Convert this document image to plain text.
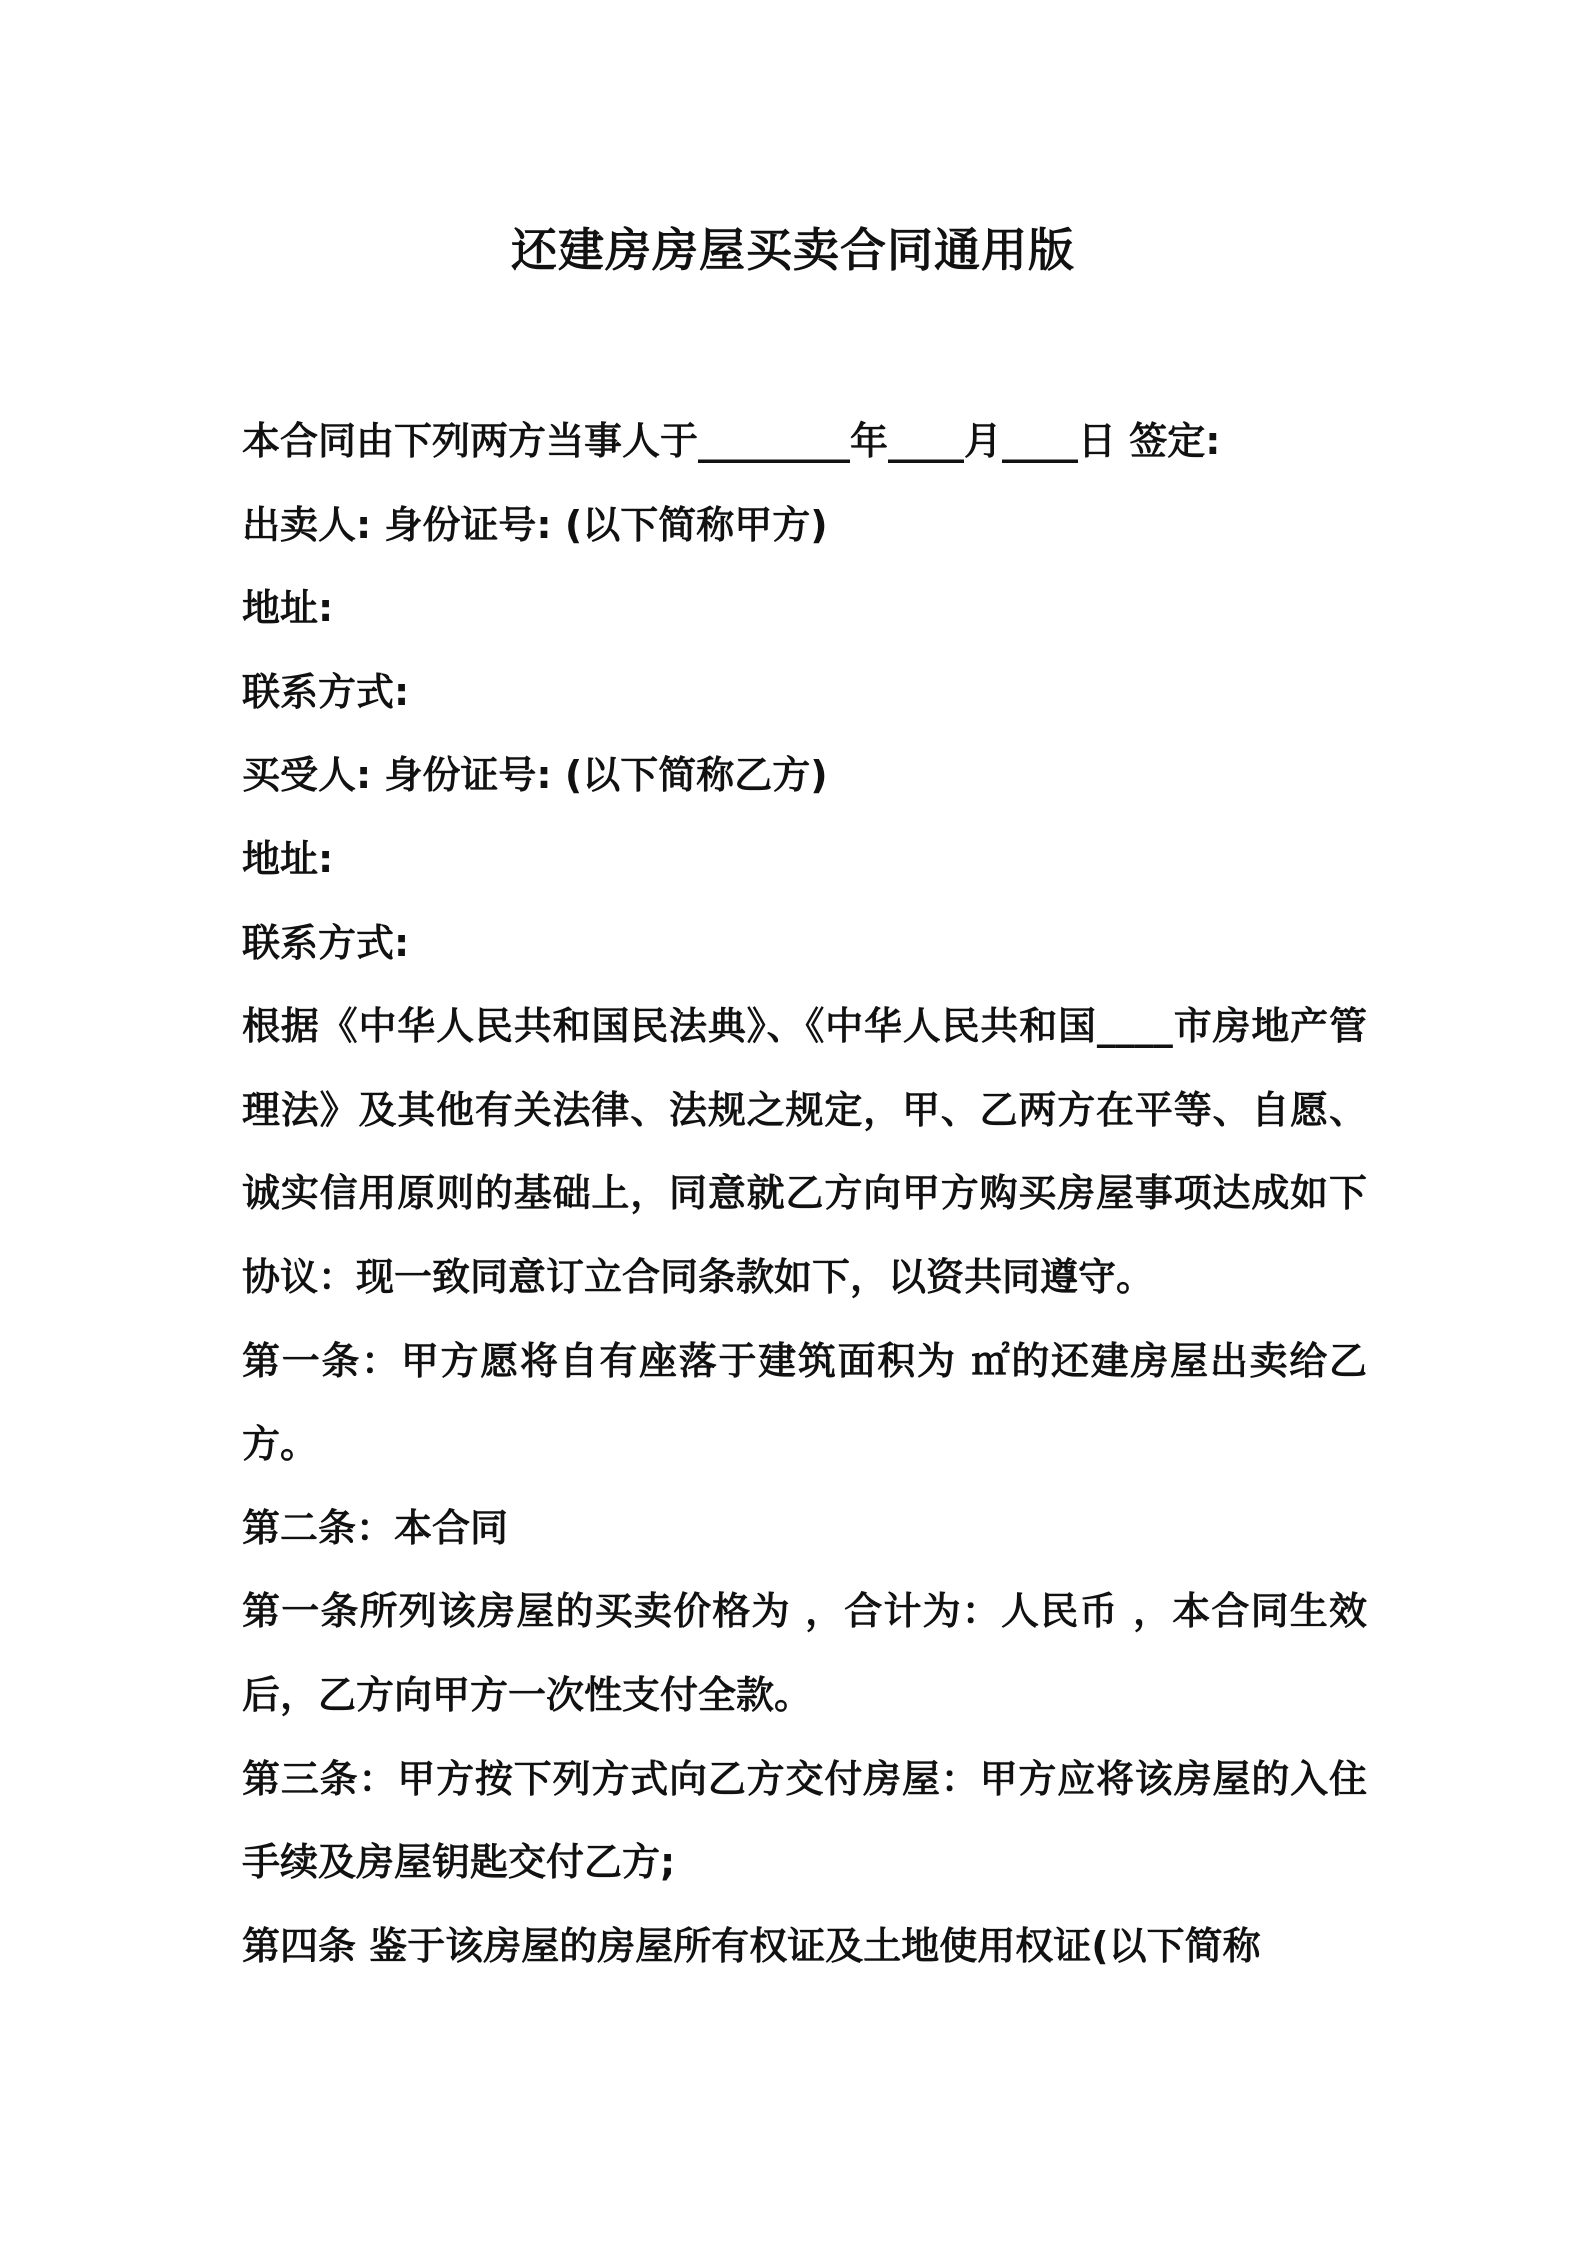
还建房房屋买卖合同通用版
本合同由下列两方当事人于________年____月____日 签定:
出卖人: 身份证号: (以下简称甲方)
地址:
联系方式:
买受人: 身份证号: (以下简称乙方)
地址:
联系方式:
根据《中华人民共和国民法典》、《中华人民共和国____市房地产管理法》及其他有关法律、法规之规定，甲、乙两方在平等、自愿、诚实信用原则的基础上，同意就乙方向甲方购买房屋事项达成如下协议：现一致同意订立合同条款如下，以资共同遵守。
第一条：甲方愿将自有座落于建筑面积为 ㎡的还建房屋出卖给乙方。
第二条：本合同
第一条所列该房屋的买卖价格为 ，合计为：人民币 ，本合同生效后，乙方向甲方一次性支付全款。
第三条：甲方按下列方式向乙方交付房屋：甲方应将该房屋的入住手续及房屋钥匙交付乙方;
第四条 鉴于该房屋的房屋所有权证及土地使用权证(以下简称
